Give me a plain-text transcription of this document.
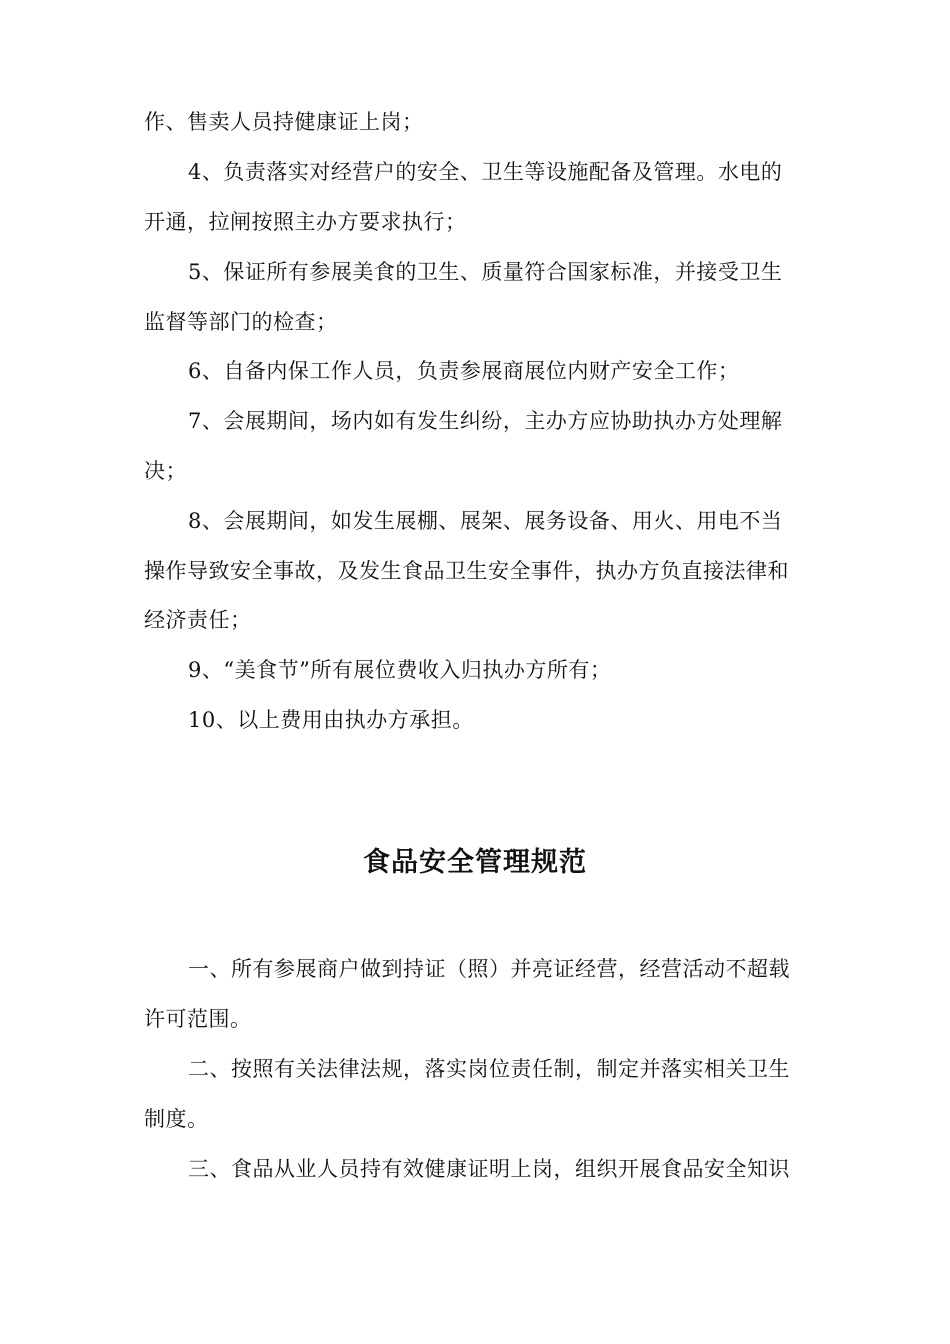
作、售卖人员持健康证上岗；
4、负责落实对经营户的安全、卫生等设施配备及管理。水电的
开通，拉闸按照主办方要求执行；
5、保证所有参展美食的卫生、质量符合国家标准，并接受卫生
监督等部门的检查；
6、自备内保工作人员，负责参展商展位内财产安全工作；
7、会展期间，场内如有发生纠纷，主办方应协助执办方处理解
决；
8、会展期间，如发生展棚、展架、展务设备、用火、用电不当
操作导致安全事故，及发生食品卫生安全事件，执办方负直接法律和
经济责任；
9、“美食节”所有展位费收入归执办方所有；
10、以上费用由执办方承担。
食品安全管理规范
一、所有参展商户做到持证（照）并亮证经营，经营活动不超载
许可范围。
二、按照有关法律法规，落实岗位责任制，制定并落实相关卫生
制度。
三、食品从业人员持有效健康证明上岗，组织开展食品安全知识
